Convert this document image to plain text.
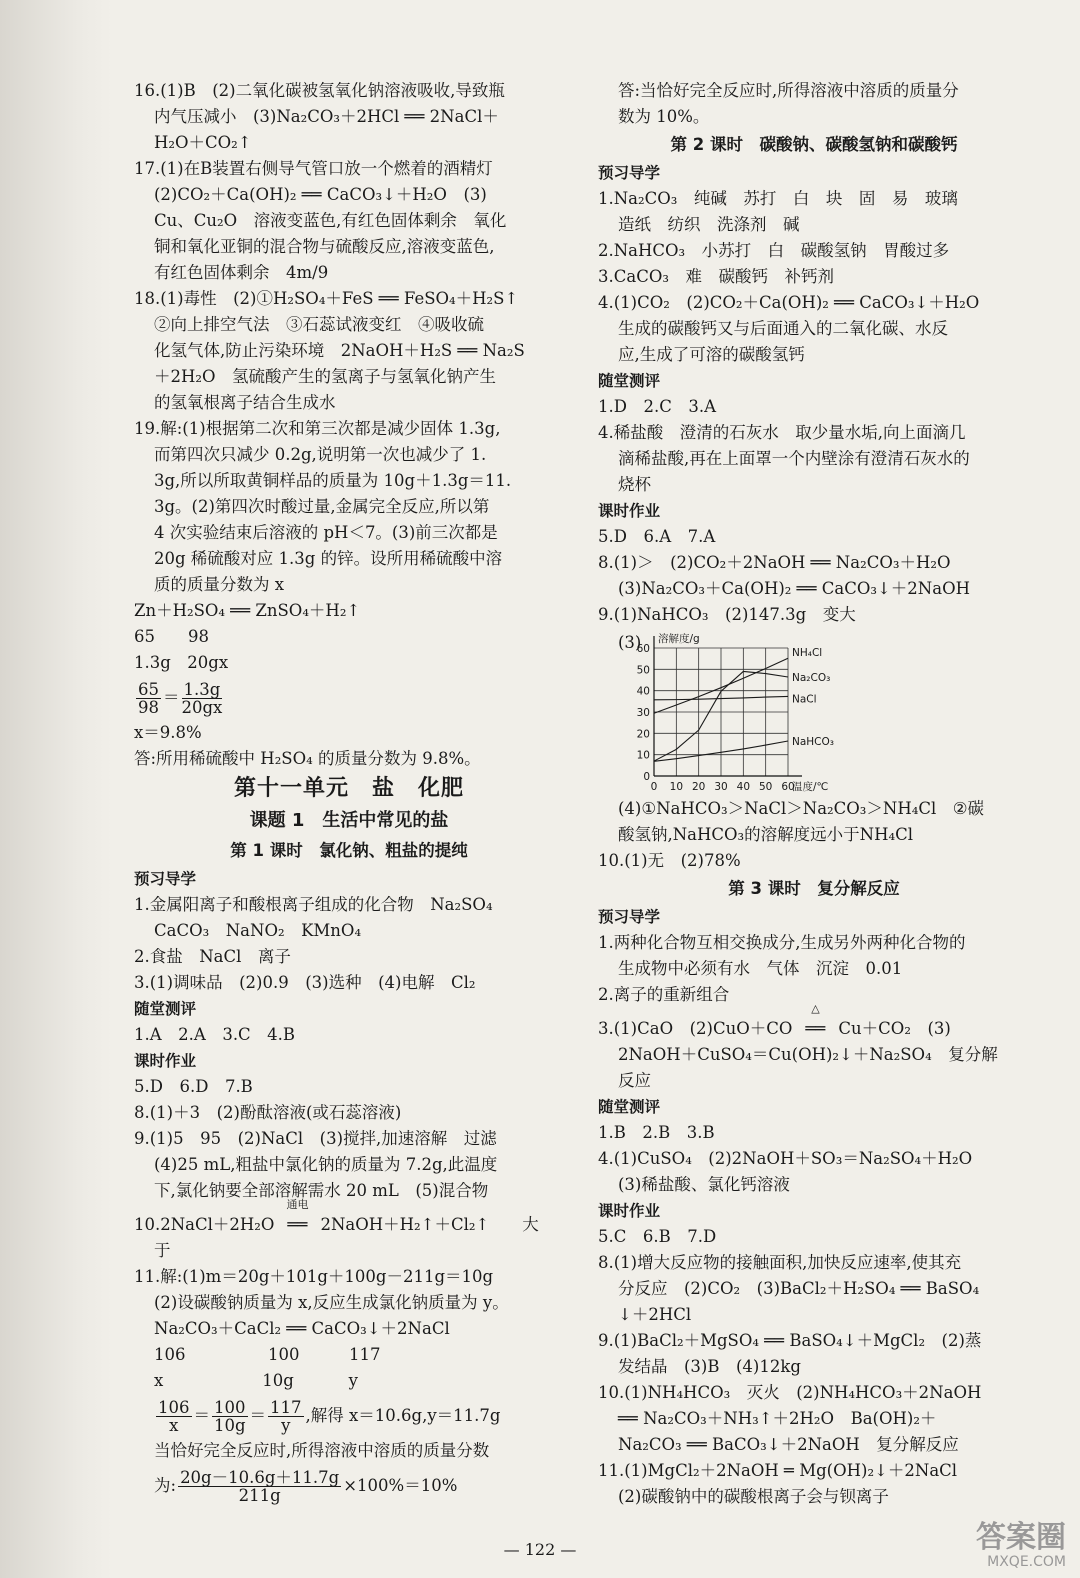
16.(1)B　(2)二氧化碳被氢氧化钠溶液吸收,导致瓶
内气压减小　(3)Na₂CO₃＋2HCl ══ 2NaCl＋
H₂O＋CO₂↑
17.(1)在B装置右侧导气管口放一个燃着的酒精灯
(2)CO₂＋Ca(OH)₂ ══ CaCO₃↓＋H₂O　(3)
Cu、Cu₂O　溶液变蓝色,有红色固体剩余　氧化
铜和氧化亚铜的混合物与硫酸反应,溶液变蓝色,
有红色固体剩余　4m/9
18.(1)毒性　(2)①H₂SO₄＋FeS ══ FeSO₄＋H₂S↑
②向上排空气法　③石蕊试液变红　④吸收硫
化氢气体,防止污染环境　2NaOH＋H₂S ══ Na₂S
＋2H₂O　氢硫酸产生的氢离子与氢氧化钠产生
的氢氧根离子结合生成水
19.解:(1)根据第二次和第三次都是减少固体 1.3g,
而第四次只减少 0.2g,说明第一次也减少了 1.
3g,所以所取黄铜样品的质量为 10g＋1.3g＝11.
3g。(2)第四次时酸过量,金属完全反应,所以第
4 次实验结束后溶液的 pH＜7。(3)前三次都是
20g 稀硫酸对应 1.3g 的锌。设所用稀硫酸中溶
质的质量分数为 x
Zn＋H₂SO₄ ══ ZnSO₄＋H₂↑
65　　98
1.3g　20gx
$\frac{65}{98} = \frac{1.3g}{20gx}$
x＝9.8%
答:所用稀硫酸中 H₂SO₄ 的质量分数为 9.8%。
第十一单元　盐　化肥
课题 1　生活中常见的盐
第 1 课时　氯化钠、粗盐的提纯
预习导学
1.金属阳离子和酸根离子组成的化合物　Na₂SO₄
CaCO₃　NaNO₂　KMnO₄
2.食盐　NaCl　离子
3.(1)调味品　(2)0.9　(3)选种　(4)电解　Cl₂
随堂测评
1.A　2.A　3.C　4.B
课时作业
5.D　6.D　7.B
8.(1)＋3　(2)酚酞溶液(或石蕊溶液)
9.(1)5　95　(2)NaCl　(3)搅拌,加速溶解　过滤
(4)25 mL,粗盐中氯化钠的质量为 7.2g,此温度
下,氯化钠要全部溶解需水 20 mL　(5)混合物
10.2NaCl＋2H₂O
通电
══ 2NaOH＋H₂↑＋Cl₂↑　　大
于
11.解:(1)m＝20g＋101g＋100g－211g＝10g
(2)设碳酸钠质量为 x,反应生成氯化钠质量为 y。
Na₂CO₃＋CaCl₂ ══ CaCO₃↓＋2NaCl
106　　　　　100　　　117
x　　　　　　10g　　　 y
$\frac{106}{x} = \frac{100}{10g} = \frac{117}{y}$ ,解得 x＝10.6g,y＝11.7g
当恰好完全反应时,所得溶液中溶质的质量分数
为: $\frac{20g-10.6g+11.7g}{211g} \times 100\%=10\%$
答:当恰好完全反应时,所得溶液中溶质的质量分
数为 10%。
第 2 课时　碳酸钠、碳酸氢钠和碳酸钙
预习导学
1.Na₂CO₃　纯碱　苏打　白　块　固　易　玻璃
造纸　纺织　洗涤剂　碱
2.NaHCO₃　小苏打　白　碳酸氢钠　胃酸过多
3.CaCO₃　难　碳酸钙　补钙剂
4.(1)CO₂　(2)CO₂＋Ca(OH)₂ ══ CaCO₃↓＋H₂O
生成的碳酸钙又与后面通入的二氧化碳、水反
应,生成了可溶的碳酸氢钙
随堂测评
1.D　2.C　3.A
4.稀盐酸　澄清的石灰水　取少量水垢,向上面滴几
滴稀盐酸,再在上面罩一个内壁涂有澄清石灰水的
烧杯
课时作业
5.D　6.A　7.A
8.(1)＞　(2)CO₂＋2NaOH ══ Na₂CO₃＋H₂O
(3)Na₂CO₃＋Ca(OH)₂ ══ CaCO₃↓＋2NaOH
9.(1)NaHCO₃　(2)147.3g　变大
(3)
0
10
20
30
40
50
60
0 10 20 30 40 50 60
溶解度/g
温度/℃
NH₄Cl
Na₂CO₃
NaCl
NaHCO₃
(4)①NaHCO₃＞NaCl＞Na₂CO₃＞NH₄Cl　②碳
酸氢钠,NaHCO₃的溶解度远小于NH₄Cl
10.(1)无　(2)78%
第 3 课时　复分解反应
预习导学
1.两种化合物互相交换成分,生成另外两种化合物的
生成物中必须有水　气体　沉淀　0.01
2.离子的重新组合
3.(1)CaO　(2)CuO＋CO
△
══ Cu＋CO₂　(3)
2NaOH＋CuSO₄＝Cu(OH)₂↓＋Na₂SO₄　复分解
反应
随堂测评
1.B　2.B　3.B
4.(1)CuSO₄　(2)2NaOH＋SO₃＝Na₂SO₄＋H₂O
(3)稀盐酸、氯化钙溶液
课时作业
5.C　6.B　7.D
8.(1)增大反应物的接触面积,加快反应速率,使其充
分反应　(2)CO₂　(3)BaCl₂＋H₂SO₄ ══ BaSO₄
↓＋2HCl
9.(1)BaCl₂＋MgSO₄ ══ BaSO₄↓＋MgCl₂　(2)蒸
发结晶　(3)B　(4)12kg
10.(1)NH₄HCO₃　灭火　(2)NH₄HCO₃＋2NaOH
══ Na₂CO₃＋NH₃↑＋2H₂O　Ba(OH)₂＋
Na₂CO₃ ══ BaCO₃↓＋2NaOH　复分解反应
11.(1)MgCl₂＋2NaOH ═ Mg(OH)₂↓＋2NaCl
(2)碳酸钠中的碳酸根离子会与钡离子
— 122 —	答案圈
MXQE.COM
